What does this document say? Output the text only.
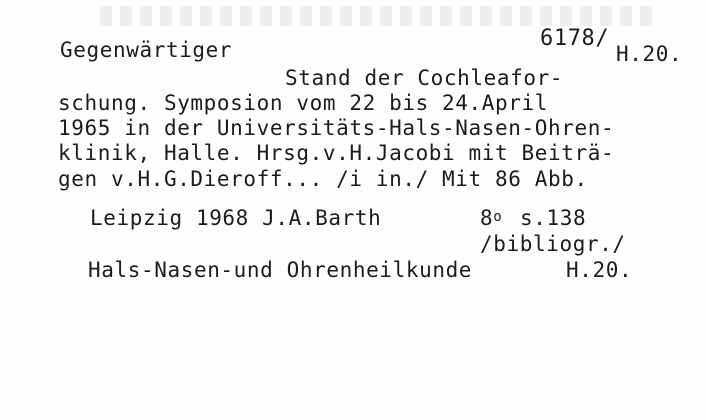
Gegenwärtiger	6178/
H.20.
Stand der Cochleafor-
schung. Symposion vom 22 bis 24.April
1965 in der Universitäts-Hals-Nasen-Ohren-
klinik, Halle. Hrsg.v.H.Jacobi mit Beiträ-
gen v.H.G.Dieroff... /i in./ Mit 86 Abb.
Leipzig 1968 J.A.Barth	8$^o$ s.138
/bibliogr./
Hals-Nasen-und Ohrenheilkunde	H.20.
